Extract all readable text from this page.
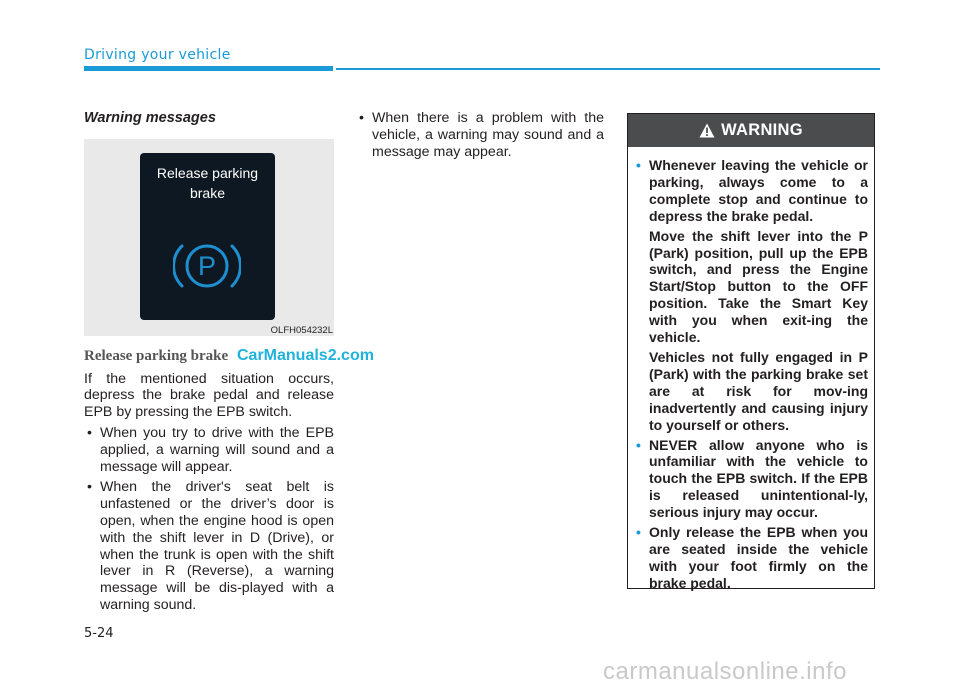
Driving your vehicle
Warning messages
Release parking
brake
P
OLFH054232L
Release parking brake

If the mentioned situation occurs, depress the brake pedal and release EPB by pressing the EPB switch.

• When you try to drive with the EPB applied, a warning will sound and a message will appear.
• When the driver's seat belt is unfastened or the driver’s door is open, when the engine hood is open with the shift lever in D (Drive), or when the trunk is open with the shift lever in R (Reverse), a warning message will be dis-played with a warning sound.
• When there is a problem with the vehicle, a warning may sound and a message may appear.
CarManuals2.com
WARNING
• Whenever leaving the vehicle or parking, always come to a complete stop and continue to depress the brake pedal.
Move the shift lever into the P (Park) position, pull up the EPB switch, and press the Engine Start/Stop button to the OFF position. Take the Smart Key with you when exit-ing the vehicle.
Vehicles not fully engaged in P (Park) with the parking brake set are at risk for mov-ing inadvertently and causing injury to yourself or others.
• NEVER allow anyone who is unfamiliar with the vehicle to touch the EPB switch. If the EPB is released unintentional-ly, serious injury may occur.
• Only release the EPB when you are seated inside the vehicle with your foot firmly on the brake pedal.
5-24
carmanualsonline.info
